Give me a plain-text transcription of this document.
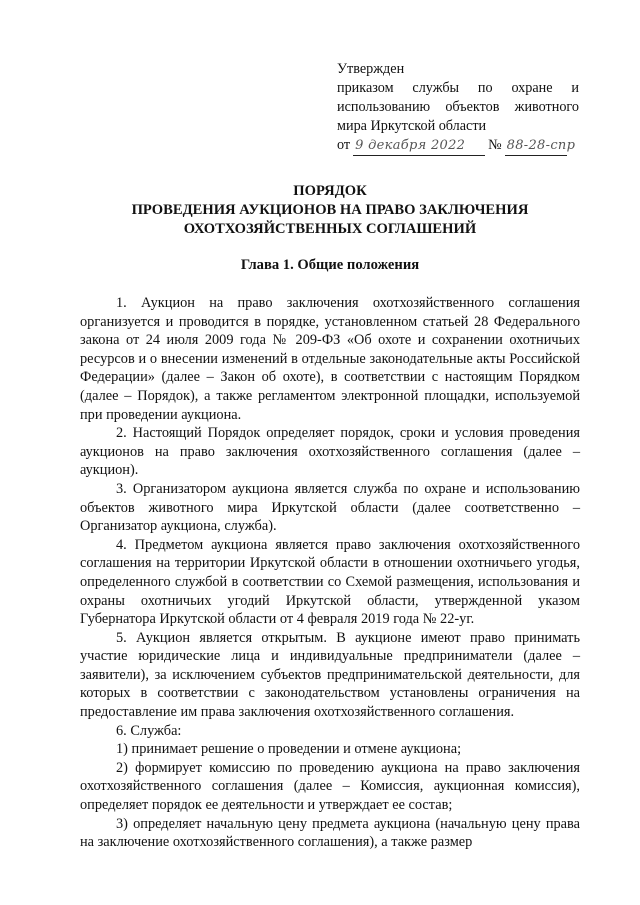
Утвержден
приказом службы по охране и
использованию объектов животного
мира Иркутской области
от 9 декабря 2022	№ 88-28-спр
ПОРЯДОК
ПРОВЕДЕНИЯ АУКЦИОНОВ НА ПРАВО ЗАКЛЮЧЕНИЯ
ОХОТХОЗЯЙСТВЕННЫХ СОГЛАШЕНИЙ
Глава 1. Общие положения

1. Аукцион на право заключения охотхозяйственного соглашения организуется и проводится в порядке, установленном статьей 28 Федерального закона от 24 июля 2009 года № 209-ФЗ «Об охоте и сохранении охотничьих ресурсов и о внесении изменений в отдельные законодательные акты Российской Федерации» (далее – Закон об охоте), в соответствии с настоящим Порядком (далее – Порядок), а также регламентом электронной площадки, используемой при проведении аукциона.

2. Настоящий Порядок определяет порядок, сроки и условия проведения аукционов на право заключения охотхозяйственного соглашения (далее – аукцион).

3. Организатором аукциона является служба по охране и использованию объектов животного мира Иркутской области (далее соответственно – Организатор аукциона, служба).

4. Предметом аукциона является право заключения охотхозяйственного соглашения на территории Иркутской области в отношении охотничьего угодья, определенного службой в соответствии со Схемой размещения, использования и охраны охотничьих угодий Иркутской области, утвержденной указом Губернатора Иркутской области от 4 февраля 2019 года № 22-уг.

5. Аукцион является открытым. В аукционе имеют право принимать участие юридические лица и индивидуальные предприниматели (далее – заявители), за исключением субъектов предпринимательской деятельности, для которых в соответствии с законодательством установлены ограничения на предоставление им права заключения охотхозяйственного соглашения.

6. Служба:

1) принимает решение о проведении и отмене аукциона;

2) формирует комиссию по проведению аукциона на право заключения охотхозяйственного соглашения (далее – Комиссия, аукционная комиссия), определяет порядок ее деятельности и утверждает ее состав;

3) определяет начальную цену предмета аукциона (начальную цену права на заключение охотхозяйственного соглашения), а также размер
